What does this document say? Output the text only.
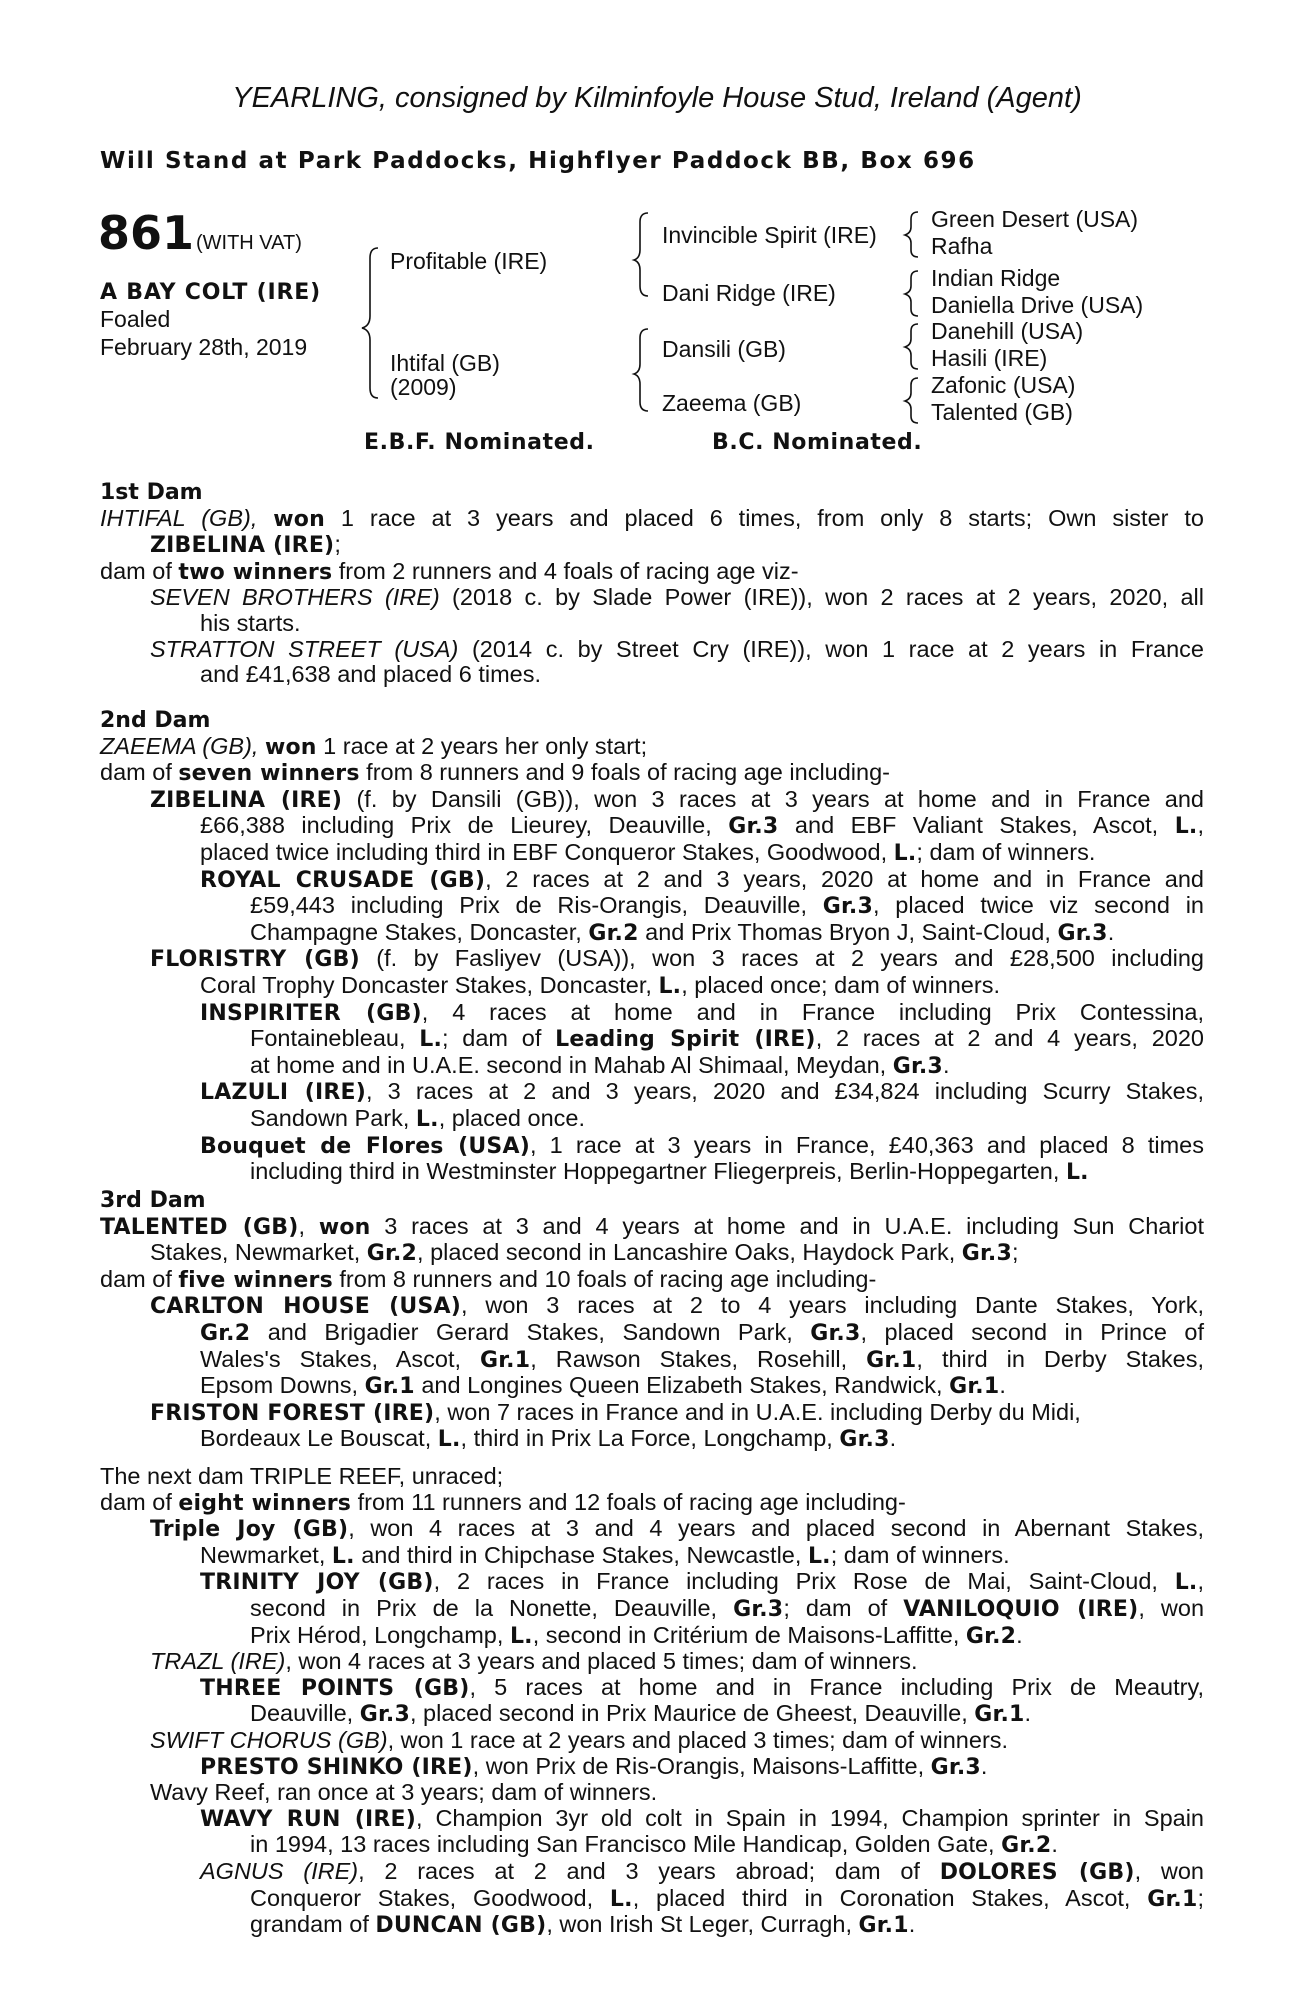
YEARLING, consigned by Kilminfoyle House Stud, Ireland (Agent)
Will Stand at Park Paddocks, Highflyer Paddock BB, Box 696
861 (WITH VAT)
A BAY COLT (IRE)
Foaled
February 28th, 2019
Profitable (IRE)
Ihtifal (GB)
(2009)
Invincible Spirit (IRE)
Dani Ridge (IRE)
Dansili (GB)
Zaeema (GB)
Green Desert (USA)
Rafha
Indian Ridge
Daniella Drive (USA)
Danehill (USA)
Hasili (IRE)
Zafonic (USA)
Talented (GB)
E.B.F. Nominated.	B.C. Nominated.
1st Dam
IHTIFAL (GB), won 1 race at 3 years and placed 6 times, from only 8 starts; Own sister to
ZIBELINA (IRE);
dam of two winners from 2 runners and 4 foals of racing age viz-
SEVEN BROTHERS (IRE) (2018 c. by Slade Power (IRE)), won 2 races at 2 years, 2020, all
his starts.
STRATTON STREET (USA) (2014 c. by Street Cry (IRE)), won 1 race at 2 years in France
and £41,638 and placed 6 times.
2nd Dam
ZAEEMA (GB), won 1 race at 2 years her only start;
dam of seven winners from 8 runners and 9 foals of racing age including-
ZIBELINA (IRE) (f. by Dansili (GB)), won 3 races at 3 years at home and in France and
£66,388 including Prix de Lieurey, Deauville, Gr.3 and EBF Valiant Stakes, Ascot, L.,
placed twice including third in EBF Conqueror Stakes, Goodwood, L.; dam of winners.
ROYAL CRUSADE (GB), 2 races at 2 and 3 years, 2020 at home and in France and
£59,443 including Prix de Ris-Orangis, Deauville, Gr.3, placed twice viz second in
Champagne Stakes, Doncaster, Gr.2 and Prix Thomas Bryon J, Saint-Cloud, Gr.3.
FLORISTRY (GB) (f. by Fasliyev (USA)), won 3 races at 2 years and £28,500 including
Coral Trophy Doncaster Stakes, Doncaster, L., placed once; dam of winners.
INSPIRITER (GB), 4 races at home and in France including Prix Contessina,
Fontainebleau, L.; dam of Leading Spirit (IRE), 2 races at 2 and 4 years, 2020
at home and in U.A.E. second in Mahab Al Shimaal, Meydan, Gr.3.
LAZULI (IRE), 3 races at 2 and 3 years, 2020 and £34,824 including Scurry Stakes,
Sandown Park, L., placed once.
Bouquet de Flores (USA), 1 race at 3 years in France, £40,363 and placed 8 times
including third in Westminster Hoppegartner Fliegerpreis, Berlin-Hoppegarten, L.
3rd Dam
TALENTED (GB), won 3 races at 3 and 4 years at home and in U.A.E. including Sun Chariot
Stakes, Newmarket, Gr.2, placed second in Lancashire Oaks, Haydock Park, Gr.3;
dam of five winners from 8 runners and 10 foals of racing age including-
CARLTON HOUSE (USA), won 3 races at 2 to 4 years including Dante Stakes, York,
Gr.2 and Brigadier Gerard Stakes, Sandown Park, Gr.3, placed second in Prince of
Wales's Stakes, Ascot, Gr.1, Rawson Stakes, Rosehill, Gr.1, third in Derby Stakes,
Epsom Downs, Gr.1 and Longines Queen Elizabeth Stakes, Randwick, Gr.1.
FRISTON FOREST (IRE), won 7 races in France and in U.A.E. including Derby du Midi,
Bordeaux Le Bouscat, L., third in Prix La Force, Longchamp, Gr.3.
The next dam TRIPLE REEF, unraced;
dam of eight winners from 11 runners and 12 foals of racing age including-
Triple Joy (GB), won 4 races at 3 and 4 years and placed second in Abernant Stakes,
Newmarket, L. and third in Chipchase Stakes, Newcastle, L.; dam of winners.
TRINITY JOY (GB), 2 races in France including Prix Rose de Mai, Saint-Cloud, L.,
second in Prix de la Nonette, Deauville, Gr.3; dam of VANILOQUIO (IRE), won
Prix Hérod, Longchamp, L., second in Critérium de Maisons-Laffitte, Gr.2.
TRAZL (IRE), won 4 races at 3 years and placed 5 times; dam of winners.
THREE POINTS (GB), 5 races at home and in France including Prix de Meautry,
Deauville, Gr.3, placed second in Prix Maurice de Gheest, Deauville, Gr.1.
SWIFT CHORUS (GB), won 1 race at 2 years and placed 3 times; dam of winners.
PRESTO SHINKO (IRE), won Prix de Ris-Orangis, Maisons-Laffitte, Gr.3.
Wavy Reef, ran once at 3 years; dam of winners.
WAVY RUN (IRE), Champion 3yr old colt in Spain in 1994, Champion sprinter in Spain
in 1994, 13 races including San Francisco Mile Handicap, Golden Gate, Gr.2.
AGNUS (IRE), 2 races at 2 and 3 years abroad; dam of DOLORES (GB), won
Conqueror Stakes, Goodwood, L., placed third in Coronation Stakes, Ascot, Gr.1;
grandam of DUNCAN (GB), won Irish St Leger, Curragh, Gr.1.
